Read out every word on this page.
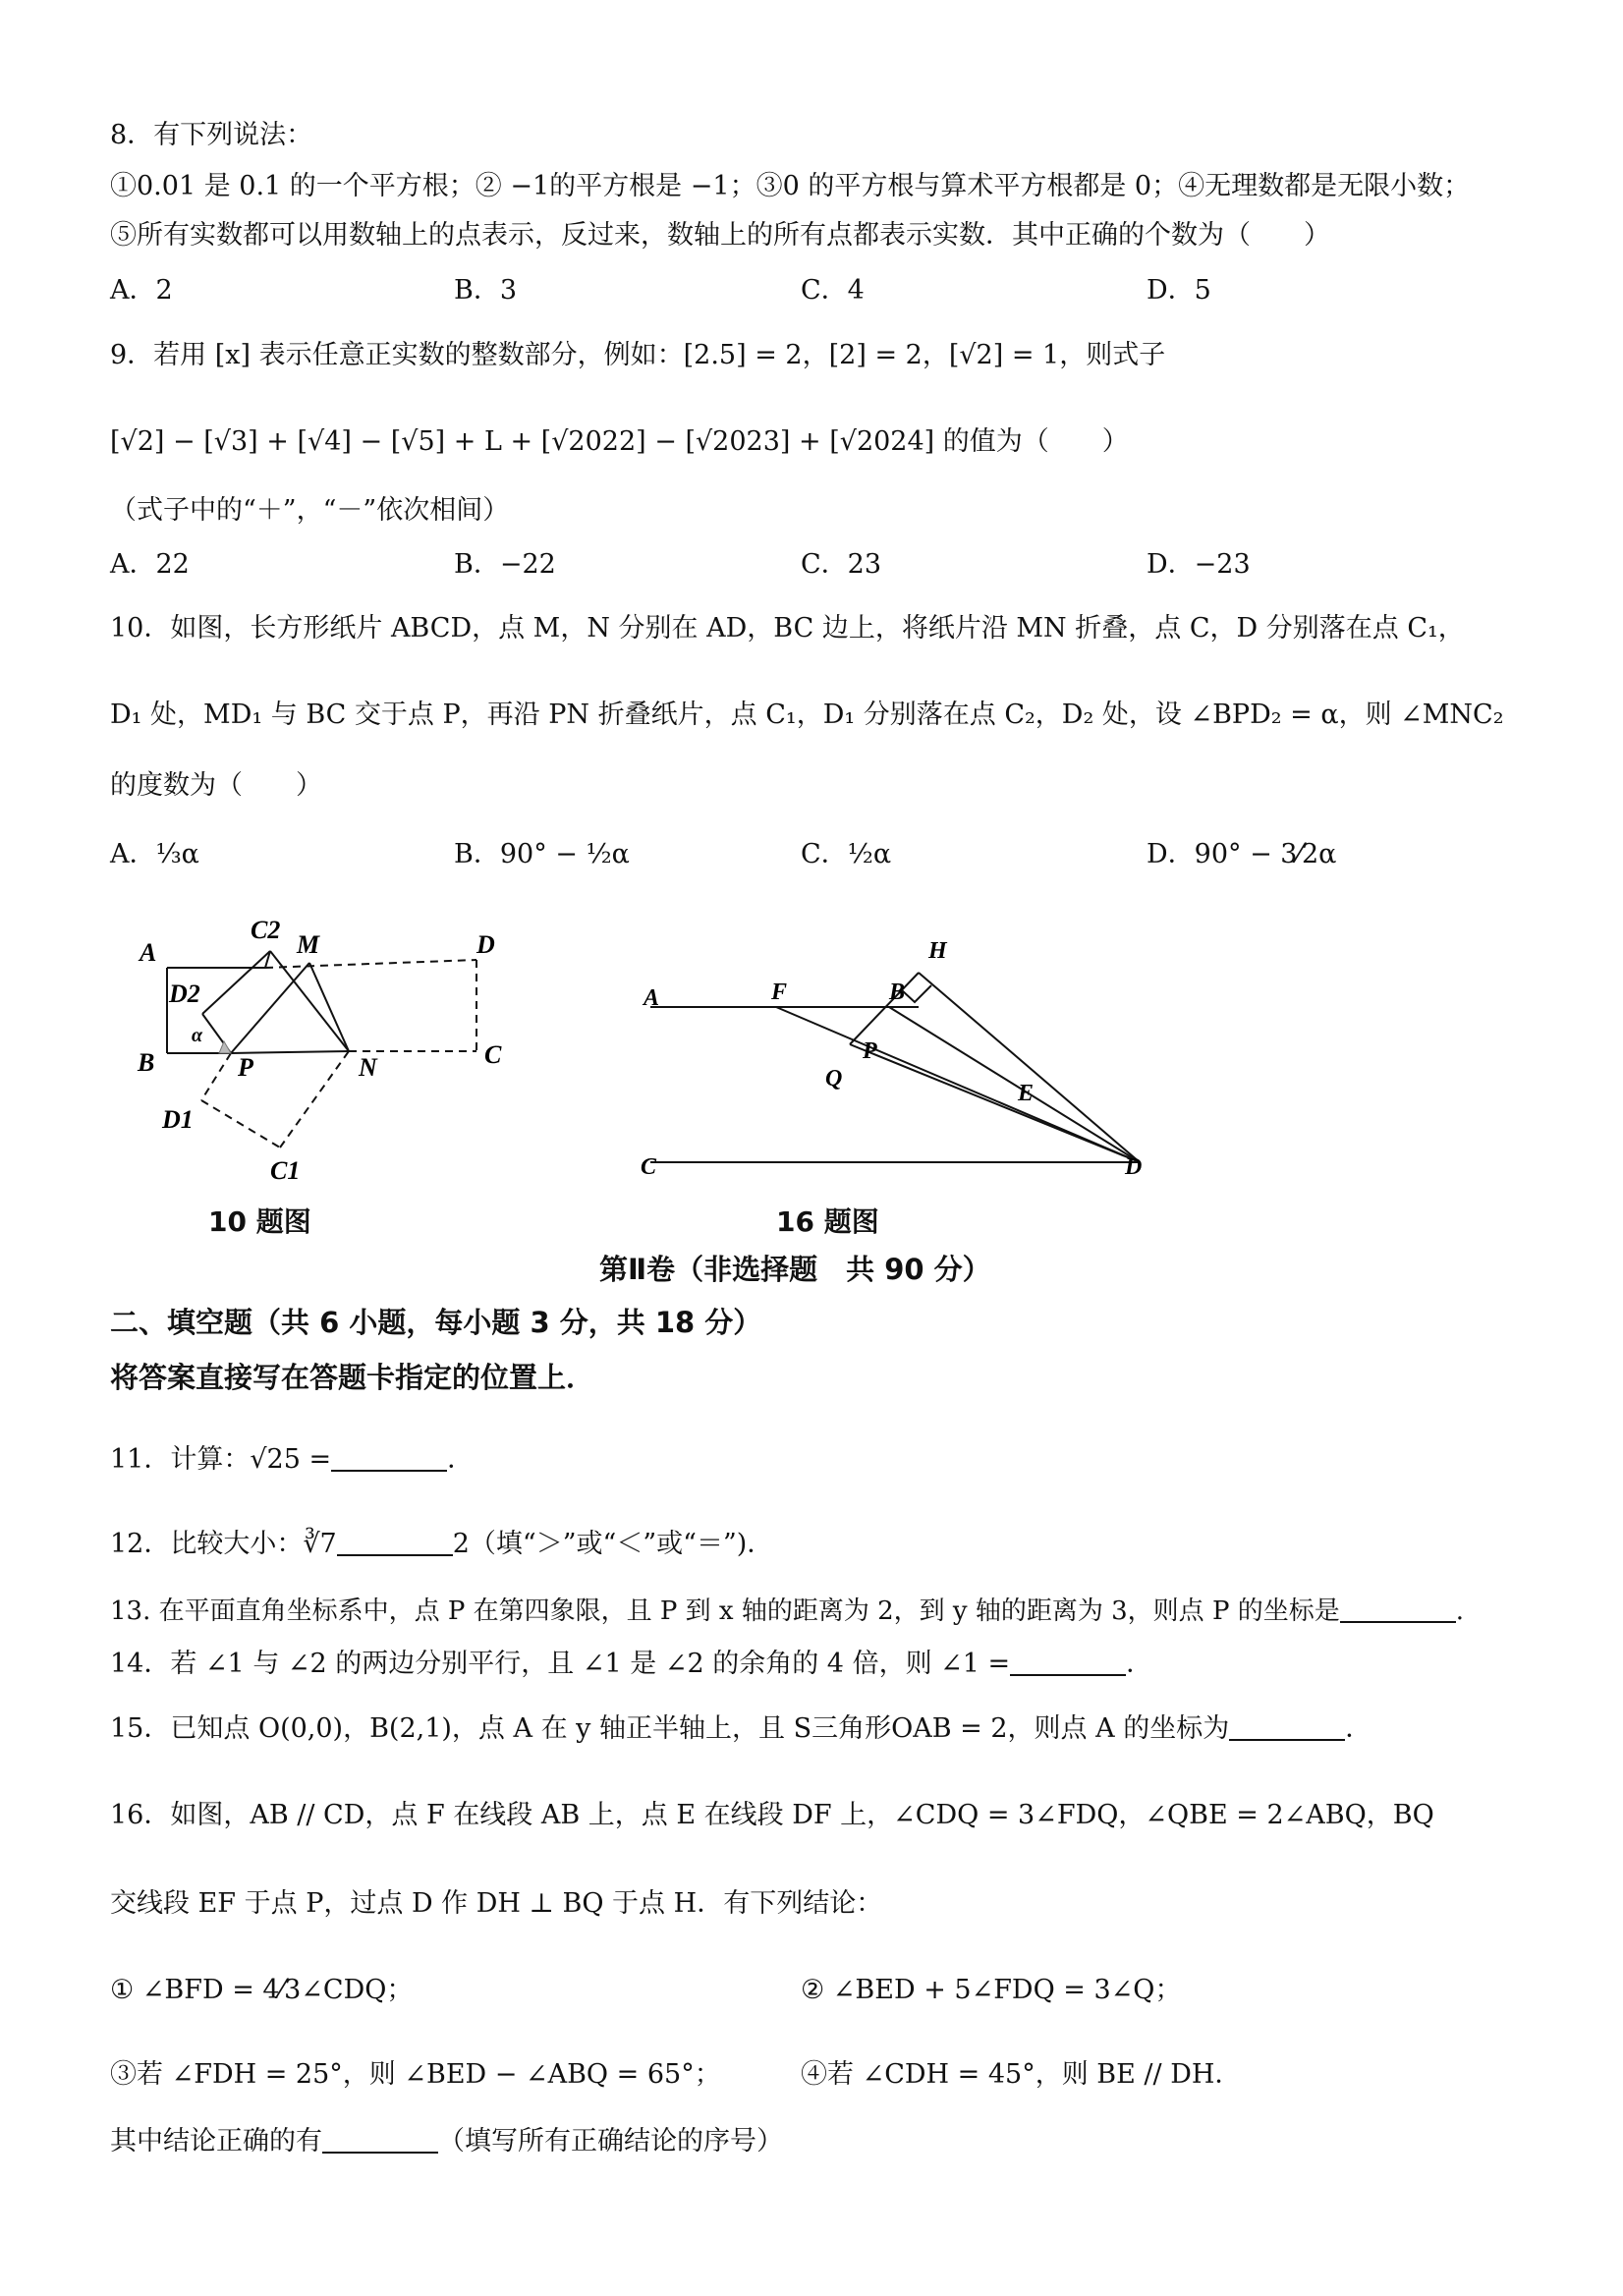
8．有下列说法：
①0.01 是 0.1 的一个平方根；② −1的平方根是 −1；③0 的平方根与算术平方根都是 0；④无理数都是无限小数；
⑤所有实数都可以用数轴上的点表示，反过来，数轴上的所有点都表示实数．其中正确的个数为（　　）
A．2	B．3	C．4	D．5
9．若用 [x] 表示任意正实数的整数部分，例如：[2.5] = 2，[2] = 2，[√2] = 1，则式子
[√2] − [√3] + [√4] − [√5] + L + [√2022] − [√2023] + [√2024] 的值为（　　）
（式子中的“＋”，“－”依次相间）
A．22	B．−22	C．23	D．−23
10．如图，长方形纸片 ABCD，点 M，N 分别在 AD，BC 边上，将纸片沿 MN 折叠，点 C，D 分别落在点 C₁，
D₁ 处，MD₁ 与 BC 交于点 P，再沿 PN 折叠纸片，点 C₁，D₁ 分别落在点 C₂，D₂ 处，设 ∠BPD₂ = α，则 ∠MNC₂
的度数为（　　）
A．⅓α	B．90° − ½α	C．½α	D．90° − 3⁄2α
A
B	C
D
M
N
P
C2
D2
D1
C1
α
10 题图
A	F	B
H
P
Q
E
C	D
16 题图
第Ⅱ卷（非选择题　共 90 分）
二、填空题（共 6 小题，每小题 3 分，共 18 分）
将答案直接写在答题卡指定的位置上．
11．计算：√25 =	．
12．比较大小：∛7	2（填“＞”或“＜”或“＝”)．
13. 在平面直角坐标系中，点 P 在第四象限，且 P 到 x 轴的距离为 2，到 y 轴的距离为 3，则点 P 的坐标是	.
14．若 ∠1 与 ∠2 的两边分别平行，且 ∠1 是 ∠2 的余角的 4 倍，则 ∠1 =	．
15．已知点 O(0,0)，B(2,1)，点 A 在 y 轴正半轴上，且 S三角形OAB = 2，则点 A 的坐标为	．
16．如图，AB // CD，点 F 在线段 AB 上，点 E 在线段 DF 上，∠CDQ = 3∠FDQ，∠QBE = 2∠ABQ，BQ
交线段 EF 于点 P，过点 D 作 DH ⊥ BQ 于点 H．有下列结论：
① ∠BFD = 4⁄3∠CDQ；	② ∠BED + 5∠FDQ = 3∠Q；
③若 ∠FDH = 25°，则 ∠BED − ∠ABQ = 65°；	④若 ∠CDH = 45°，则 BE // DH．
其中结论正确的有	（填写所有正确结论的序号）
